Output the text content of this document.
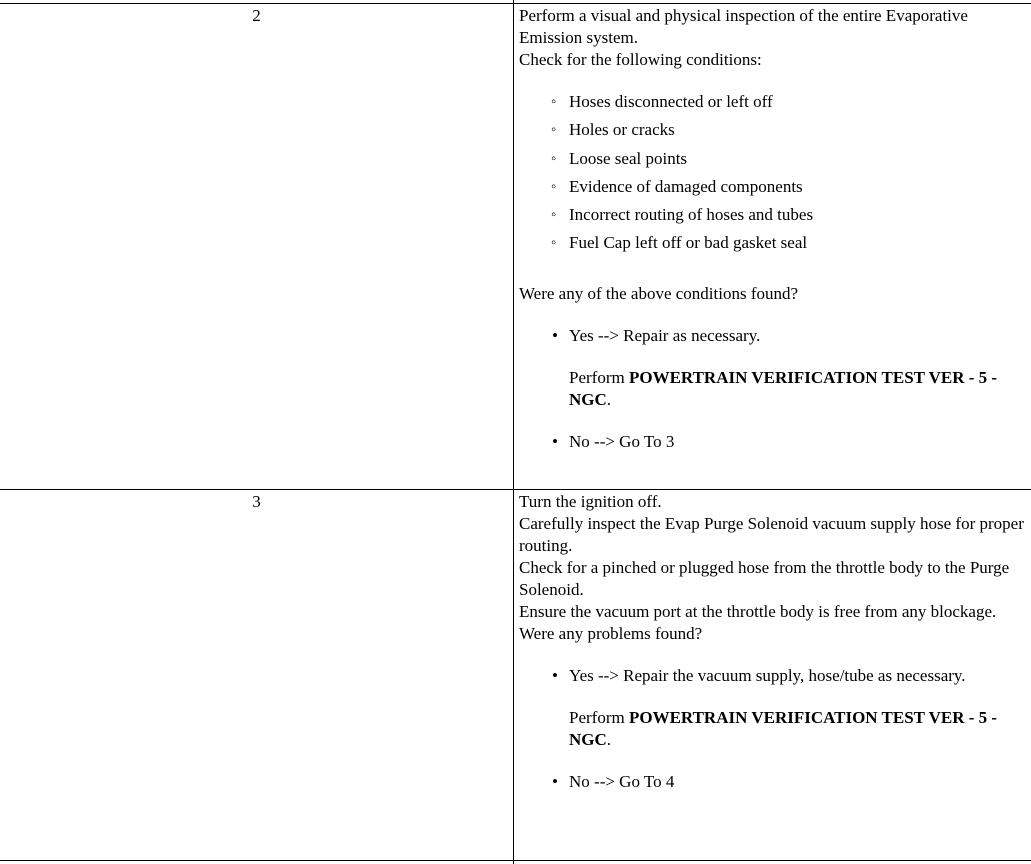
2	Perform a visual and physical inspection of the entire Evaporative Emission system.

Check for the following conditions:

◦ Hoses disconnected or left off
◦ Holes or cracks
◦ Loose seal points
◦ Evidence of damaged components
◦ Incorrect routing of hoses and tubes
◦ Fuel Cap left off or bad gasket seal

Were any of the above conditions found?

• Yes --> Repair as necessary.
Perform POWERTRAIN VERIFICATION TEST VER - 5 - NGC.
• No --> Go To 3
3	Turn the ignition off.

Carefully inspect the Evap Purge Solenoid vacuum supply hose for proper routing.

Check for a pinched or plugged hose from the throttle body to the Purge Solenoid.

Ensure the vacuum port at the throttle body is free from any blockage.

Were any problems found?

• Yes --> Repair the vacuum supply, hose/tube as necessary.
Perform POWERTRAIN VERIFICATION TEST VER - 5 - NGC.
• No --> Go To 4
